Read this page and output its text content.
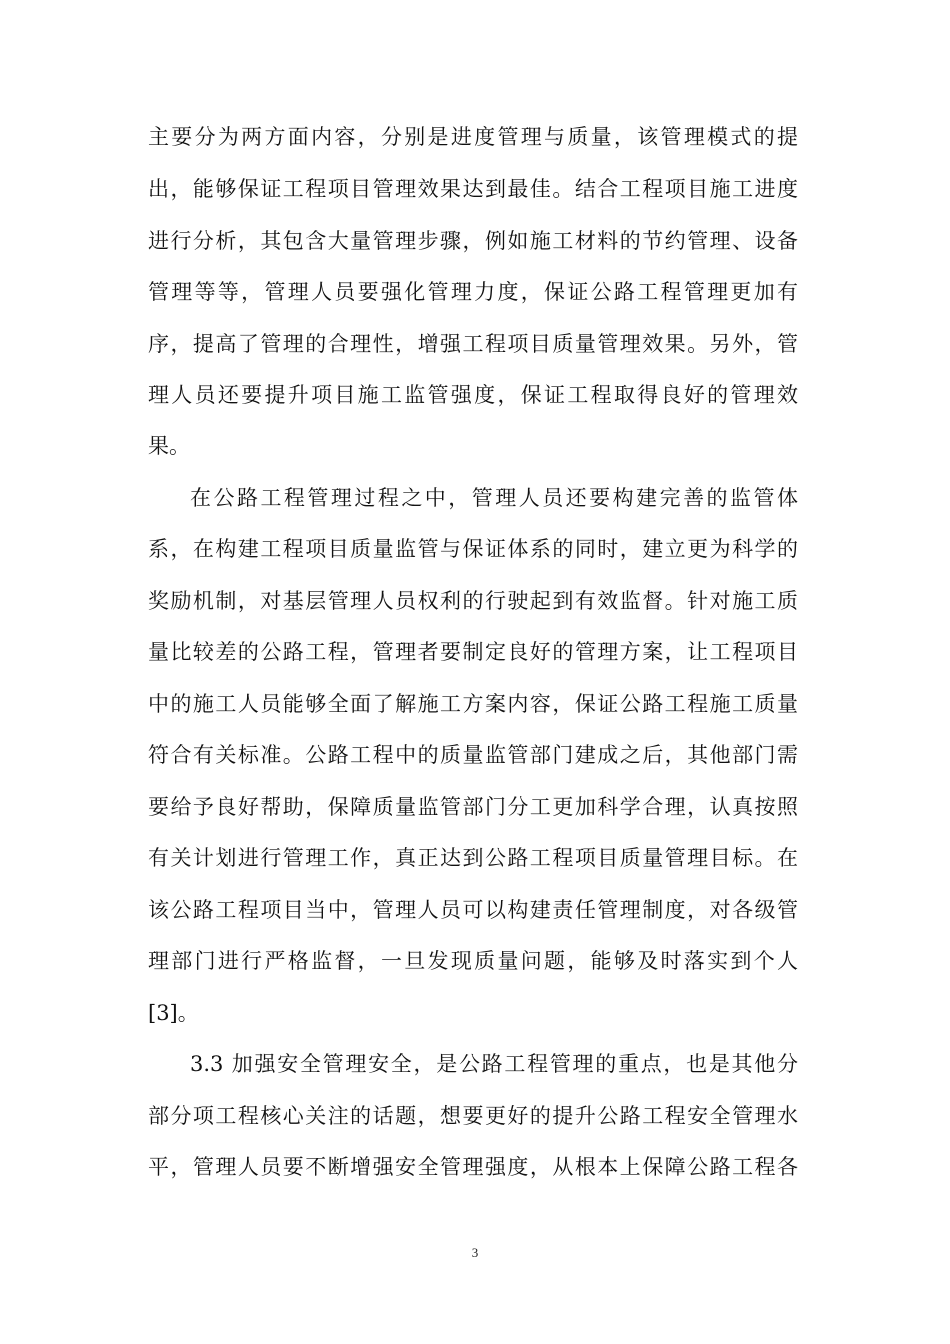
主要分为两方面内容，分别是进度管理与质量，该管理模式的提
出，能够保证工程项目管理效果达到最佳。结合工程项目施工进度
进行分析，其包含大量管理步骤，例如施工材料的节约管理、设备
管理等等，管理人员要强化管理力度，保证公路工程管理更加有
序，提高了管理的合理性，增强工程项目质量管理效果。另外，管
理人员还要提升项目施工监管强度，保证工程取得良好的管理效
果。
在公路工程管理过程之中，管理人员还要构建完善的监管体
系，在构建工程项目质量监管与保证体系的同时，建立更为科学的
奖励机制，对基层管理人员权利的行驶起到有效监督。针对施工质
量比较差的公路工程，管理者要制定良好的管理方案，让工程项目
中的施工人员能够全面了解施工方案内容，保证公路工程施工质量
符合有关标准。公路工程中的质量监管部门建成之后，其他部门需
要给予良好帮助，保障质量监管部门分工更加科学合理，认真按照
有关计划进行管理工作，真正达到公路工程项目质量管理目标。在
该公路工程项目当中，管理人员可以构建责任管理制度，对各级管
理部门进行严格监督，一旦发现质量问题，能够及时落实到个人
[3]。
3.3 加强安全管理安全，是公路工程管理的重点，也是其他分
部分项工程核心关注的话题，想要更好的提升公路工程安全管理水
平，管理人员要不断增强安全管理强度，从根本上保障公路工程各
3
